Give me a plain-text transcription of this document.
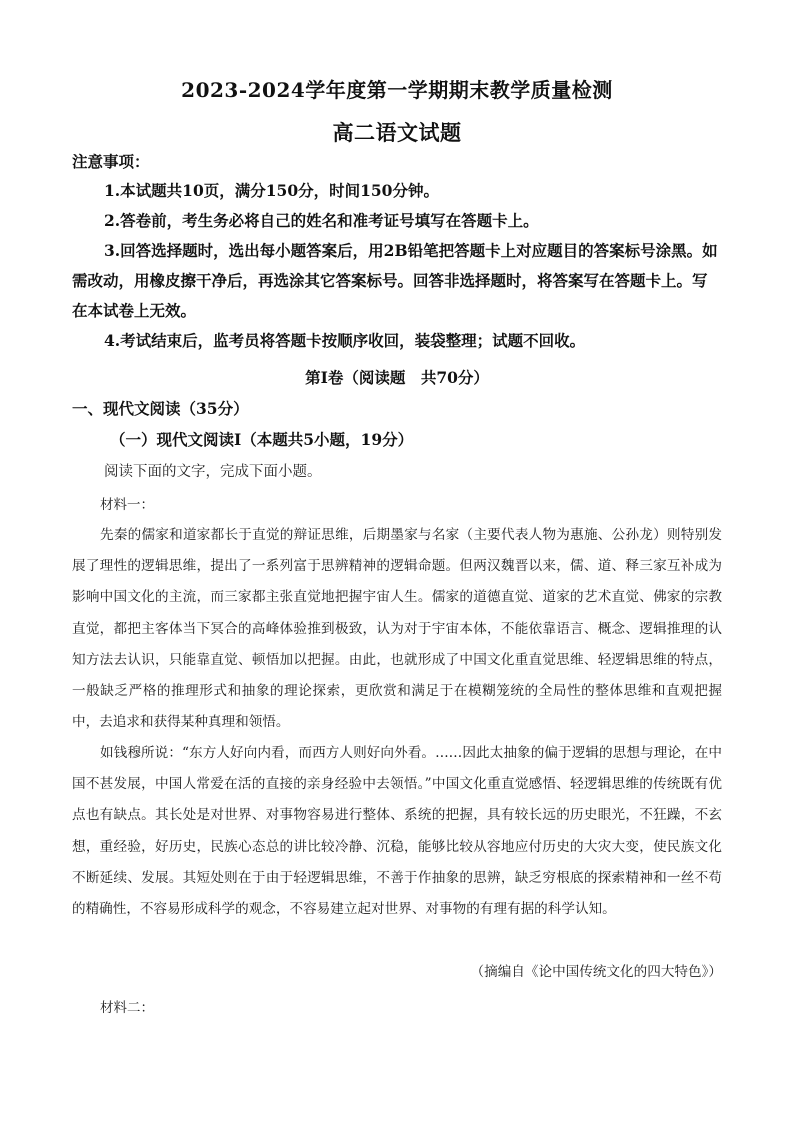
2023-2024学年度第一学期期末教学质量检测
高二语文试题
注意事项：

1.本试题共10页，满分150分，时间150分钟。

2.答卷前，考生务必将自己的姓名和准考证号填写在答题卡上。

3.回答选择题时，选出每小题答案后，用2B铅笔把答题卡上对应题目的答案标号涂黑。如需改动，用橡皮擦干净后，再选涂其它答案标号。回答非选择题时，将答案写在答题卡上。写在本试卷上无效。

4.考试结束后，监考员将答题卡按顺序收回，装袋整理；试题不回收。

第Ⅰ卷（阅读题　共70分）
一、现代文阅读（35分）
（一）现代文阅读Ⅰ（本题共5小题，19分）
阅读下面的文字，完成下面小题。
材料一：

先秦的儒家和道家都长于直觉的辩证思维，后期墨家与名家（主要代表人物为惠施、公孙龙）则特别发展了理性的逻辑思维，提出了一系列富于思辨精神的逻辑命题。但两汉魏晋以来，儒、道、释三家互补成为影响中国文化的主流，而三家都主张直觉地把握宇宙人生。儒家的道德直觉、道家的艺术直觉、佛家的宗教直觉，都把主客体当下冥合的高峰体验推到极致，认为对于宇宙本体，不能依靠语言、概念、逻辑推理的认知方法去认识，只能靠直觉、顿悟加以把握。由此，也就形成了中国文化重直觉思维、轻逻辑思维的特点，一般缺乏严格的推理形式和抽象的理论探索，更欣赏和满足于在模糊笼统的全局性的整体思维和直观把握中，去追求和获得某种真理和领悟。

如钱穆所说：“东方人好向内看，而西方人则好向外看。……因此太抽象的偏于逻辑的思想与理论，在中国不甚发展，中国人常爱在活的直接的亲身经验中去领悟。”中国文化重直觉感悟、轻逻辑思维的传统既有优点也有缺点。其长处是对世界、对事物容易进行整体、系统的把握，具有较长远的历史眼光，不狂躁，不玄想，重经验，好历史，民族心态总的讲比较冷静、沉稳，能够比较从容地应付历史的大灾大变，使民族文化不断延续、发展。其短处则在于由于轻逻辑思维，不善于作抽象的思辨，缺乏穷根底的探索精神和一丝不苟的精确性，不容易形成科学的观念，不容易建立起对世界、对事物的有理有据的科学认知。

（摘编自《论中国传统文化的四大特色》）
材料二：
